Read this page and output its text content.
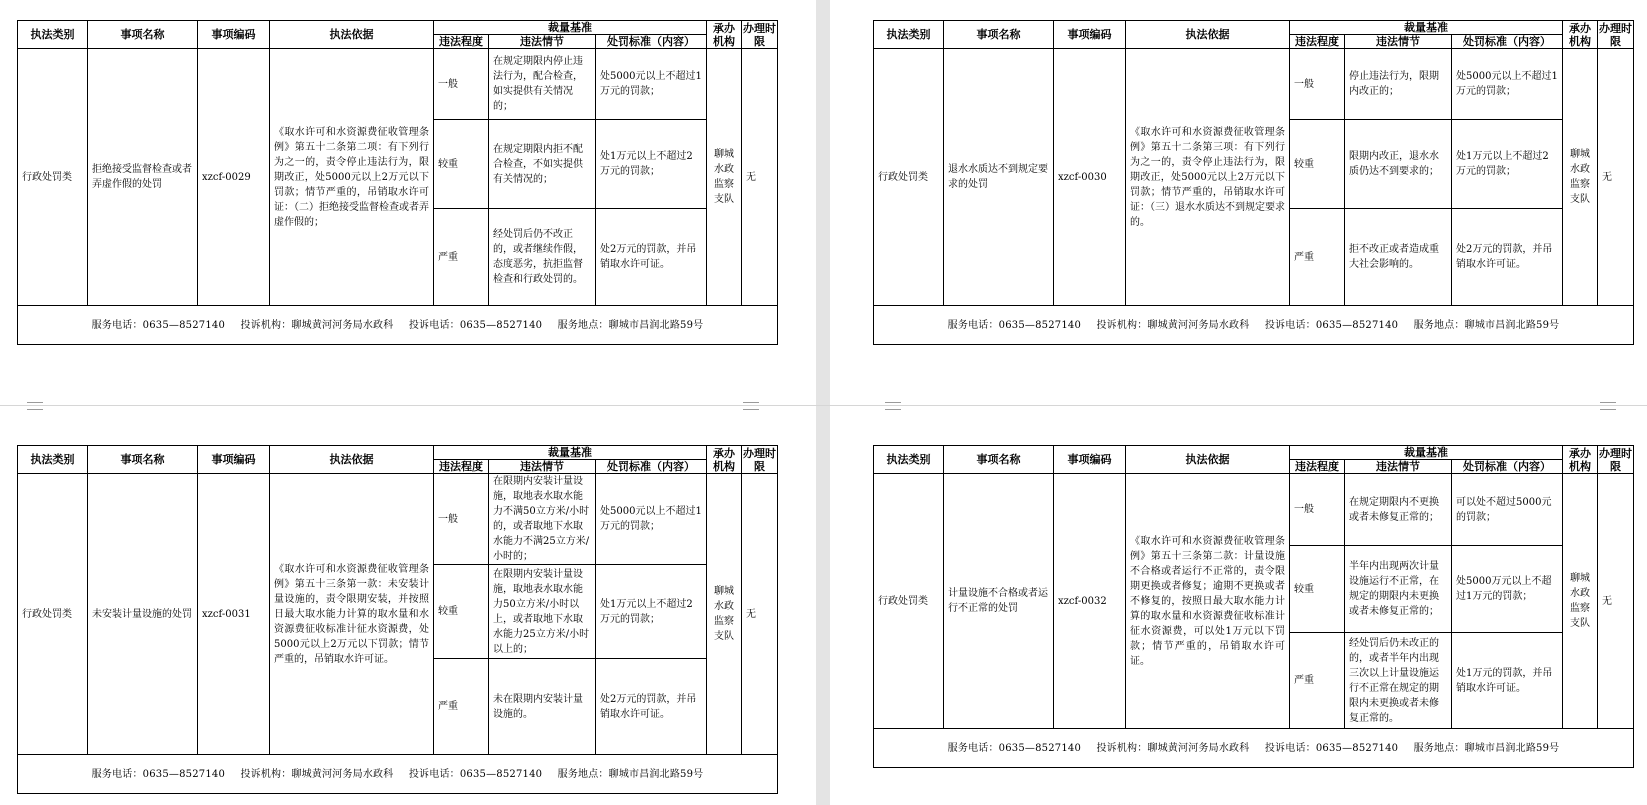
执法类别	事项名称	事项编码	执法依据	裁量基准			承办机构	办理时限
				违法程度	违法情节	处罚标准（内容）		
行政处罚类	拒绝接受监督检查或者弄虚作假的处罚	xzcf-0029	《取水许可和水资源费征收管理条例》第五十二条第二项：有下列行为之一的，责令停止违法行为，限期改正，处5000元以上2万元以下罚款；情节严重的，吊销取水许可证：（二）拒绝接受监督检查或者弄虚作假的；	一般	在规定期限内停止违法行为，配合检查，如实提供有关情况的；	处5000元以上不超过1万元的罚款；	聊城水政监察支队	无
				较重	在规定期限内拒不配合检查，不如实提供有关情况的；	处1万元以上不超过2万元的罚款；		
				严重	经处罚后仍不改正的，或者继续作假，态度恶劣，抗拒监督检查和行政处罚的。	处2万元的罚款，并吊销取水许可证。		
服务电话：0635—8527140 投诉机构：聊城黄河河务局水政科 投诉电话：0635—8527140 服务地点：聊城市昌润北路59号								
执法类别	事项名称	事项编码	执法依据	裁量基准			承办机构	办理时限
				违法程度	违法情节	处罚标准（内容）		
行政处罚类	退水水质达不到规定要求的处罚	xzcf-0030	《取水许可和水资源费征收管理条例》第五十二条第三项：有下列行为之一的，责令停止违法行为，限期改正，处5000元以上2万元以下罚款；情节严重的，吊销取水许可证：（三）退水水质达不到规定要求的。	一般	停止违法行为，限期内改正的；	处5000元以上不超过1万元的罚款；	聊城水政监察支队	无
				较重	限期内改正，退水水质仍达不到要求的；	处1万元以上不超过2万元的罚款；		
				严重	拒不改正或者造成重大社会影响的。	处2万元的罚款，并吊销取水许可证。		
服务电话：0635—8527140 投诉机构：聊城黄河河务局水政科 投诉电话：0635—8527140 服务地点：聊城市昌润北路59号								
执法类别	事项名称	事项编码	执法依据	裁量基准			承办机构	办理时限
				违法程度	违法情节	处罚标准（内容）		
行政处罚类	未安装计量设施的处罚	xzcf-0031	《取水许可和水资源费征收管理条例》第五十三条第一款：未安装计量设施的，责令限期安装，并按照日最大取水能力计算的取水量和水资源费征收标准计征水资源费，处5000元以上2万元以下罚款；情节严重的，吊销取水许可证。	一般	在限期内安装计量设施，取地表水取水能力不满50立方米/小时的，或者取地下水取水能力不满25立方米/小时的；	处5000元以上不超过1万元的罚款；	聊城水政监察支队	无
				较重	在限期内安装计量设施，取地表水取水能力50立方米/小时以上，或者取地下水取水能力25立方米/小时以上的；	处1万元以上不超过2万元的罚款；		
				严重	未在限期内安装计量设施的。	处2万元的罚款，并吊销取水许可证。		
服务电话：0635—8527140 投诉机构：聊城黄河河务局水政科 投诉电话：0635—8527140 服务地点：聊城市昌润北路59号								
执法类别	事项名称	事项编码	执法依据	裁量基准			承办机构	办理时限
				违法程度	违法情节	处罚标准（内容）		
行政处罚类	计量设施不合格或者运行不正常的处罚	xzcf-0032	《取水许可和水资源费征收管理条例》第五十三条第二款：计量设施不合格或者运行不正常的，责令限期更换或者修复；逾期不更换或者不修复的，按照日最大取水能力计算的取水量和水资源费征收标准计征水资源费，可以处1万元以下罚款；情节严重的，吊销取水许可证。	一般	在规定期限内不更换或者未修复正常的；	可以处不超过5000元的罚款；	聊城水政监察支队	无
				较重	半年内出现两次计量设施运行不正常，在规定的期限内未更换或者未修复正常的；	处5000万元以上不超过1万元的罚款；		
				严重	经处罚后仍未改正的的，或者半年内出现三次以上计量设施运行不正常在规定的期限内未更换或者未修复正常的。	处1万元的罚款，并吊销取水许可证。		
服务电话：0635—8527140 投诉机构：聊城黄河河务局水政科 投诉电话：0635—8527140 服务地点：聊城市昌润北路59号								
